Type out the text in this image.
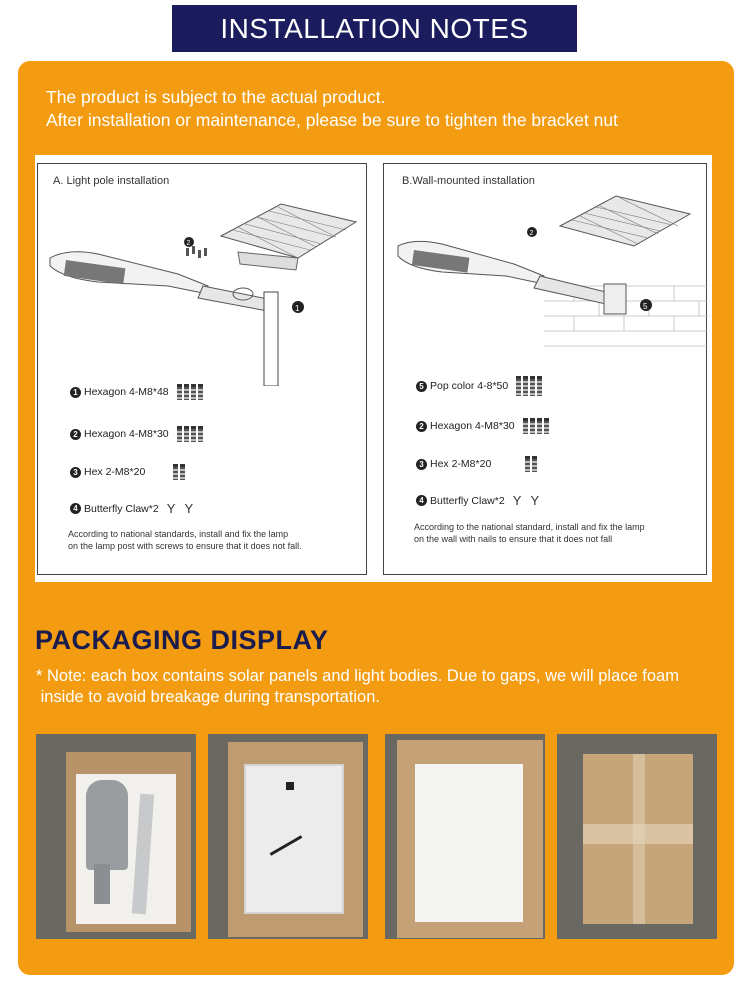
INSTALLATION NOTES
The product is subject to the actual product.
After installation or maintenance, please be sure to tighten the bracket nut
A. Light pole installation
1
2
1 Hexagon 4-M8*48
2 Hexagon 4-M8*30
3 Hex 2-M8*20
4 Butterfly Claw*2 Y Y
According to national standards, install and fix the lamp
on the lamp post with screws to ensure that it does not fall.
B.Wall-mounted installation
5
2
5 Pop color 4-8*50
2 Hexagon 4-M8*30
3 Hex 2-M8*20
4 Butterfly Claw*2 Y Y
According to the national standard, install and fix the lamp
on the wall with nails to ensure that it does not fall
PACKAGING DISPLAY
* Note: each box contains solar panels and light bodies. Due to gaps, we will place foam
inside to avoid breakage during transportation.
